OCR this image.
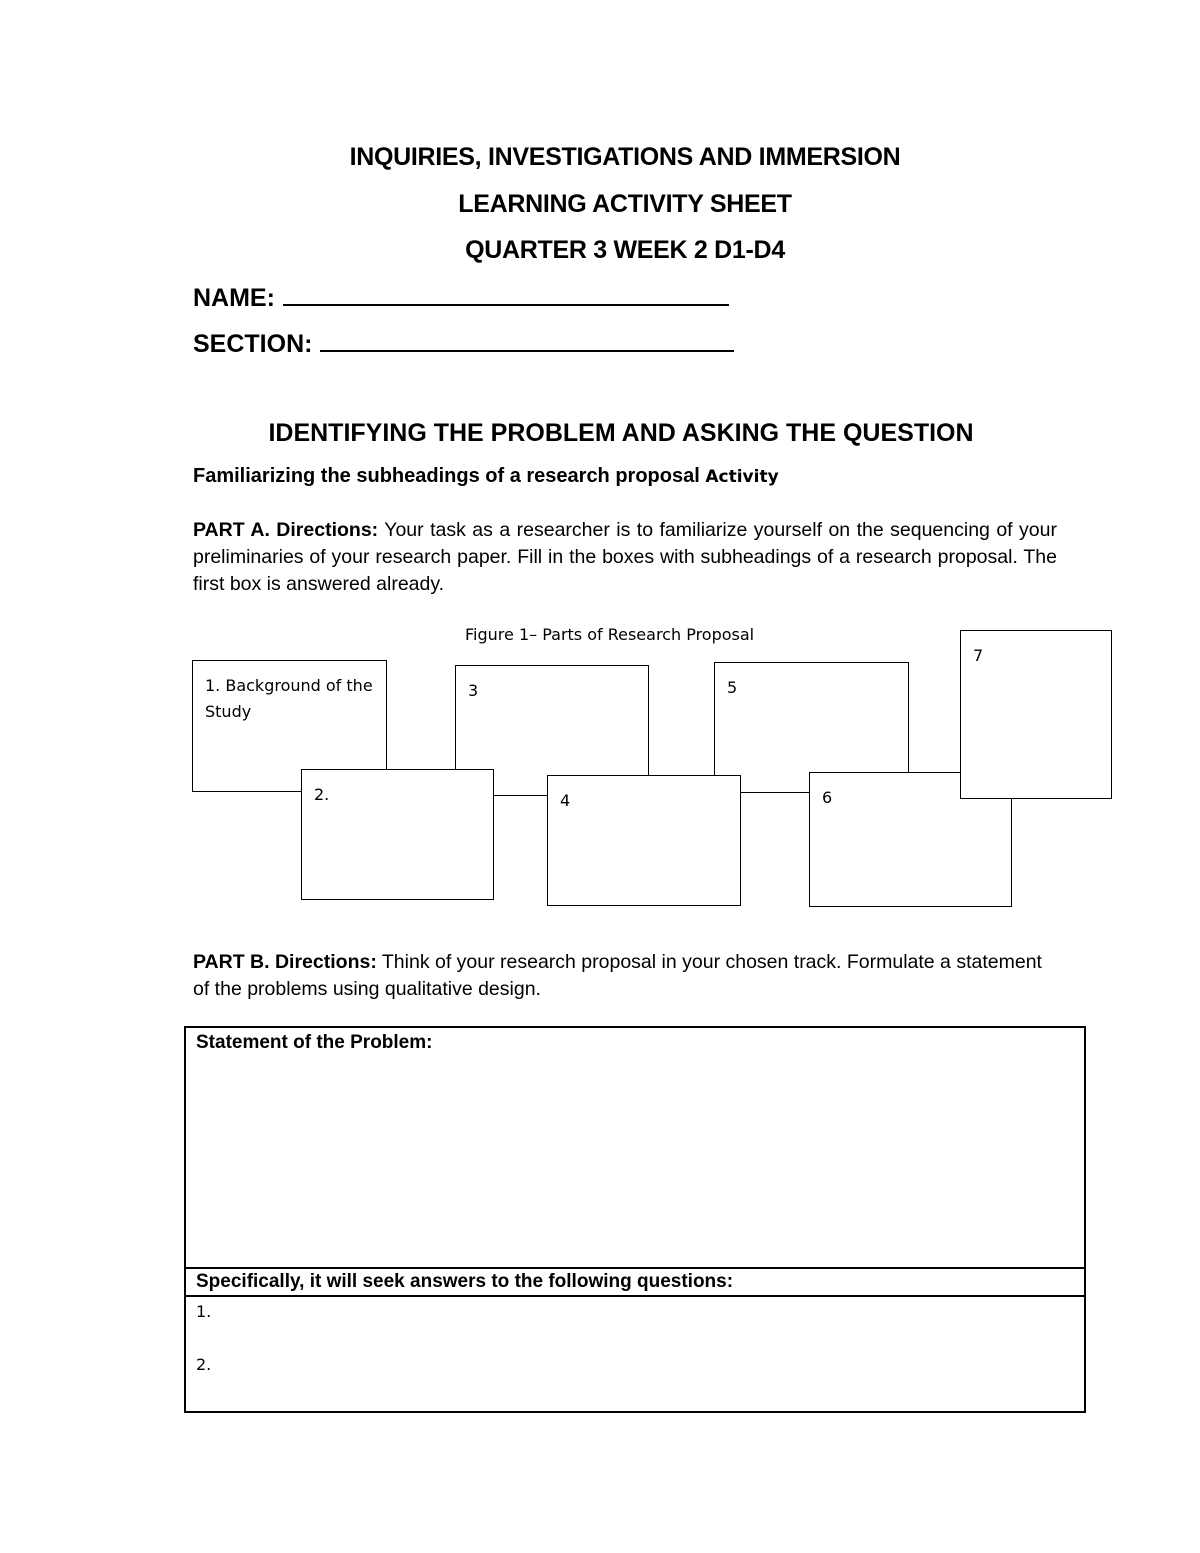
INQUIRIES, INVESTIGATIONS AND IMMERSION
LEARNING ACTIVITY SHEET
QUARTER 3 WEEK 2 D1-D4
NAME:
SECTION:
IDENTIFYING THE PROBLEM AND ASKING THE QUESTION
Familiarizing the subheadings of a research proposal Activity
PART A. Directions: Your task as a researcher is to familiarize yourself on the sequencing of your preliminaries of your research paper. Fill in the boxes with subheadings of a research proposal. The first box is answered already.
Figure 1– Parts of Research Proposal
1. Background of the Study
3	5
2.	4	6
7
PART B. Directions: Think of your research proposal in your chosen track. Formulate a statement of the problems using qualitative design.
Statement of the Problem:
Specifically, it will seek answers to the following questions:
1.
2.
